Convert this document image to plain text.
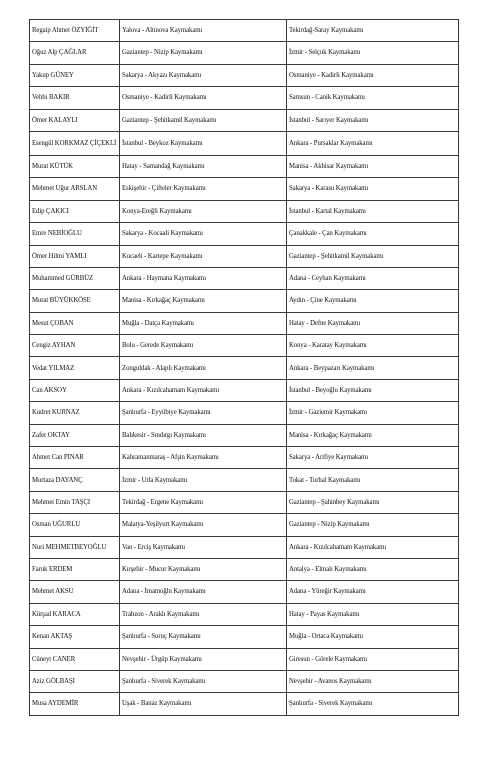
Regaip Ahmet ÖZYİĞİT	Yalova - Altınova Kaymakamı	Tekirdağ-Saray Kaymakamı
Oğuz Alp ÇAĞLAR	Gaziantep - Nizip Kaymakamı	İzmir - Selçuk Kaymakamı
Yakup GÜNEY	Sakarya - Akyazı Kaymakamı	Osmaniye - Kadirli Kaymakamı
Vehbi BAKIR	Osmaniye - Kadirli Kaymakamı	Samsun - Canik Kaymakamı
Ömer KALAYLI	Gaziantep - Şehitkamil Kaymakamı	İstanbul - Sarıyer Kaymakamı
Esengül KORKMAZ ÇİÇEKLİ	İstanbul - Beykoz Kaymakamı	Ankara - Pursaklar Kaymakamı
Murat KÜTÜK	Hatay - Samandağ Kaymakamı	Manisa - Akhisar Kaymakamı
Mehmet Uğur ARSLAN	Eskişehir - Çifteler Kaymakamı	Sakarya - Karasu Kaymakamı
Edip ÇAKICI	Konya-Ereğli Kaymakamı	İstanbul - Kartal Kaymakamı
Emre NEBİOĞLU	Sakarya - Kocaali Kaymakamı	Çanakkale - Çan Kaymakamı
Ömer Hilmi YAMLI	Kocaeli - Kartepe Kaymakamı	Gaziantep - Şehitkamil Kaymakamı
Muhammed GÜRBÜZ	Ankara - Haymana Kaymakamı	Adana - Ceyhan Kaymakamı
Murat BÜYÜKKÖSE	Manisa - Kırkağaç Kaymakamı	Aydın - Çine Kaymakamı
Mesut ÇOBAN	Muğla - Datça Kaymakamı	Hatay - Defne Kaymakamı
Cengiz AYHAN	Bolu - Gerede Kaymakamı	Konya - Karatay Kaymakamı
Vedat YILMAZ	Zonguldak - Alaplı Kaymakamı	Ankara - Beypazarı Kaymakamı
Can AKSOY	Ankara - Kızılcahamam Kaymakamı	İstanbul - Beyoğlu Kaymakamı
Kudret KURNAZ	Şanlıurfa - Eyyübiye Kaymakamı	İzmir - Gaziemir Kaymakamı
Zafer OKTAY	Balıkesir - Sındırgı Kaymakamı	Manisa - Kırkağaç Kaymakamı
Ahmet Can PINAR	Kahramanmaraş - Afşin Kaymakamı	Sakarya - Arifiye Kaymakamı
Murtaza DAYANÇ	İzmir - Urla Kaymakamı	Tokat - Turhal Kaymakamı
Mehmet Emin TAŞÇI	Tekirdağ - Ergene Kaymakamı	Gaziantep - Şahinbey Kaymakamı
Osman UĞURLU	Malatya-Yeşilyurt Kaymakamı	Gaziantep - Nizip Kaymakamı
Nuri MEHMETBEYOĞLU	Van - Erciş Kaymakamı	Ankara - Kızılcahamam Kaymakamı
Faruk ERDEM	Kırşehir - Mucur Kaymakamı	Antalya - Elmalı Kaymakamı
Mehmet AKSU	Adana - İmamoğlu Kaymakamı	Adana - Yüreğir Kaymakamı
Kürşad KARACA	Trabzon - Araklı Kaymakamı	Hatay - Payas Kaymakamı
Kenan AKTAŞ	Şanlıurfa - Suruç Kaymakamı	Muğla - Ortaca Kaymakamı
Cüneyt CANER	Nevşehir - Ürgüp Kaymakamı	Giresun - Görele Kaymakamı
Aziz GÖLBAŞI	Şanlıurfa - Siverek Kaymakamı	Nevşehir - Avanos Kaymakamı
Musa AYDEMİR	Uşak - Banaz Kaymakamı	Şanlıurfa - Siverek Kaymakamı
